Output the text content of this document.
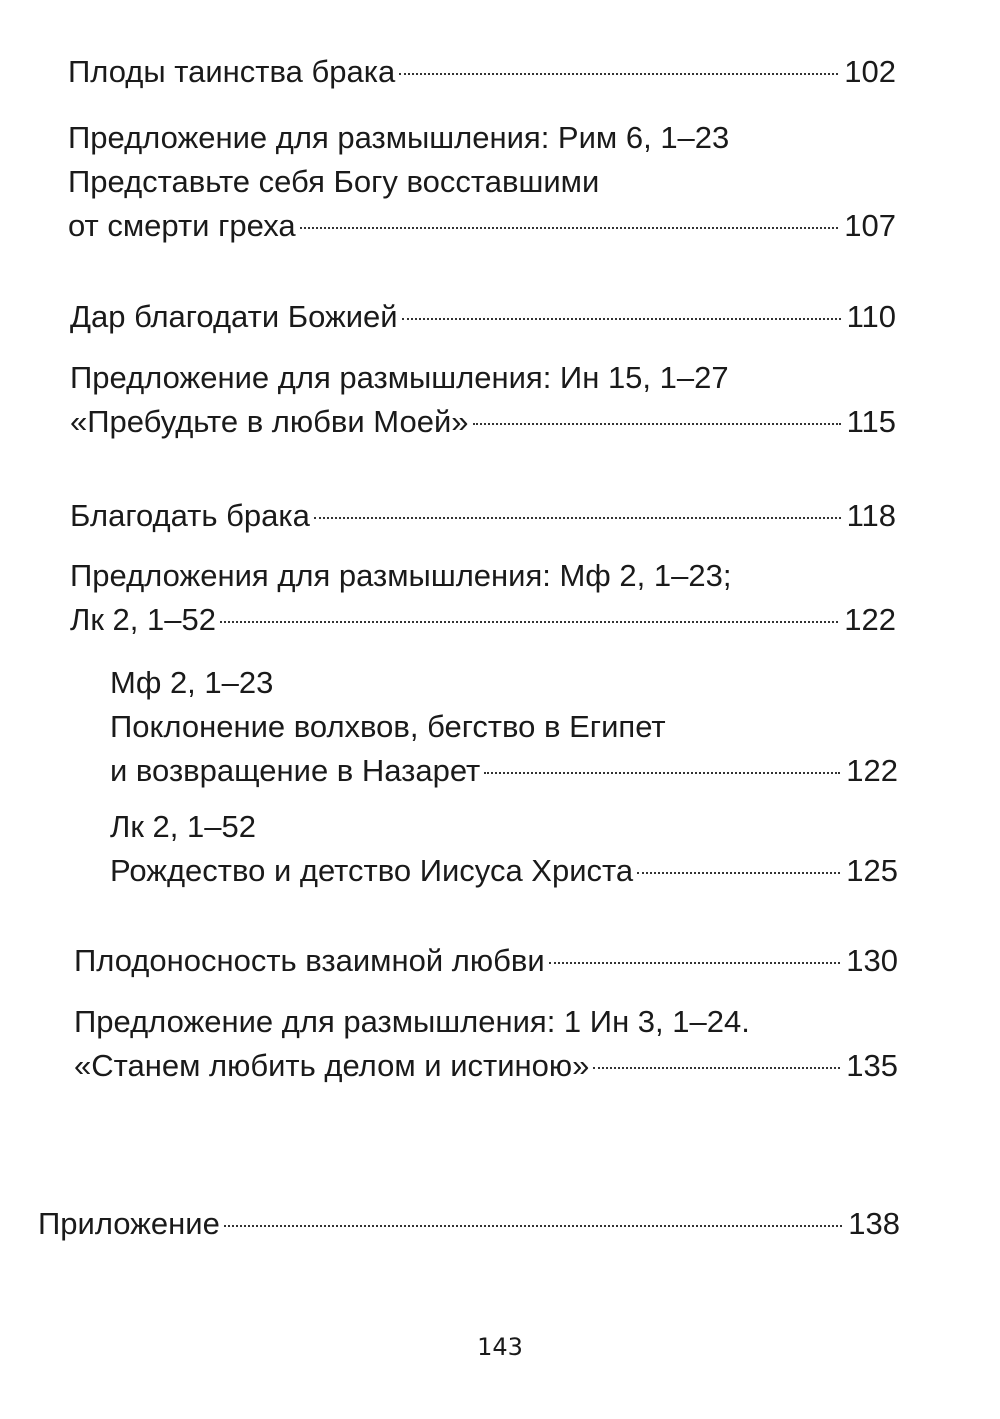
Плоды таинства брака	102
Предложение для размышления: Рим 6, 1–23
Представьте себя Богу восставшими
от смерти греха	107
Дар благодати Божией	110
Предложение для размышления: Ин 15, 1–27
«Пребудьте в любви Моей»	115
Благодать брака	118
Предложения для размышления: Мф 2, 1–23;
Лк 2, 1–52	122
Мф 2, 1–23
Поклонение волхвов, бегство в Египет
и возвращение в Назарет	122
Лк 2, 1–52
Рождество и детство Иисуса Христа	125
Плодоносность взаимной любви	130
Предложение для размышления: 1 Ин 3, 1–24.
«Станем любить делом и истиною»	135
Приложение	138
143
